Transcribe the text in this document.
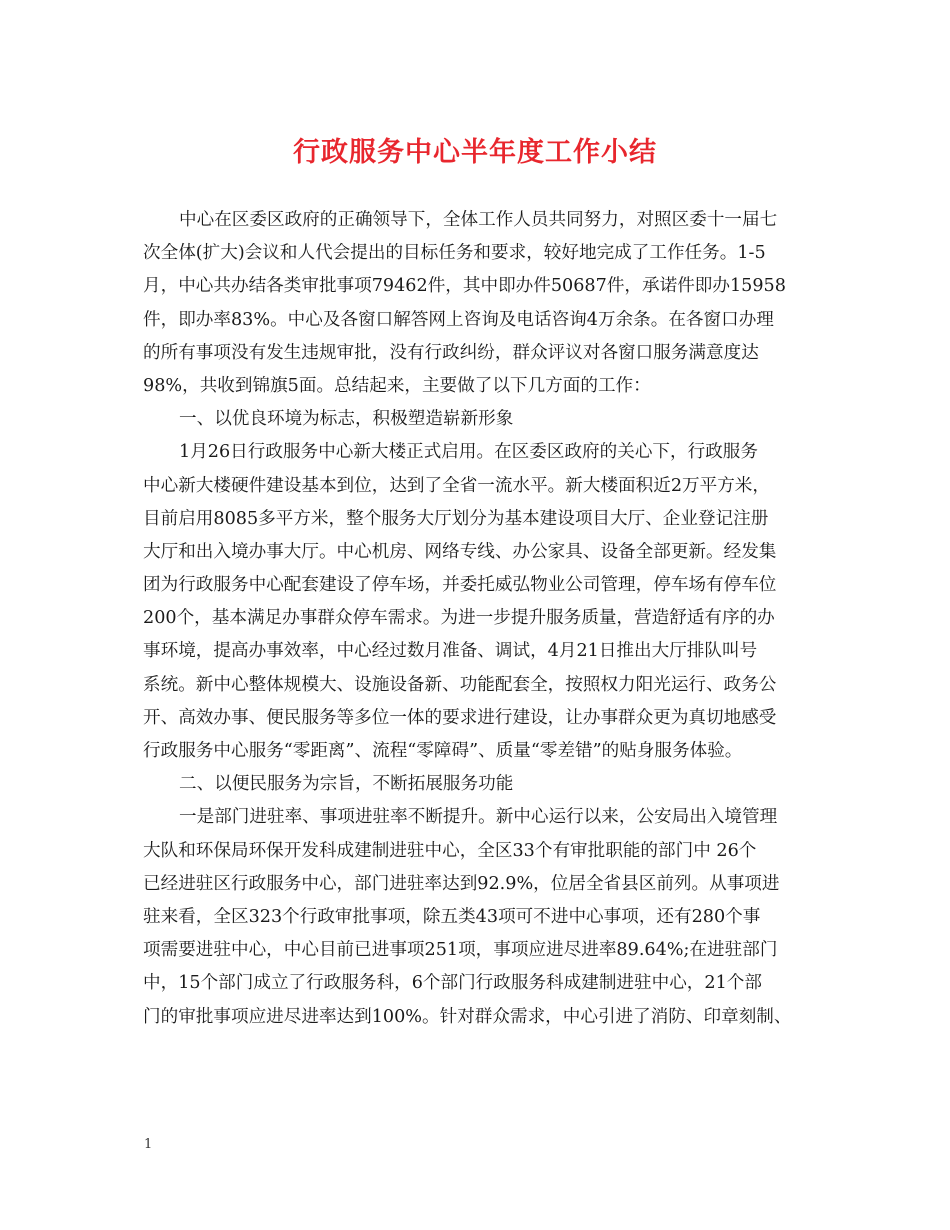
行政服务中心半年度工作小结
中心在区委区政府的正确领导下，全体工作人员共同努力，对照区委十一届七
次全体(扩大)会议和人代会提出的目标任务和要求，较好地完成了工作任务。1-5
月，中心共办结各类审批事项79462件，其中即办件50687件，承诺件即办15958
件，即办率83%。中心及各窗口解答网上咨询及电话咨询4万余条。在各窗口办理
的所有事项没有发生违规审批，没有行政纠纷，群众评议对各窗口服务满意度达
98%，共收到锦旗5面。总结起来，主要做了以下几方面的工作：
一、以优良环境为标志，积极塑造崭新形象
1月26日行政服务中心新大楼正式启用。在区委区政府的关心下，行政服务
中心新大楼硬件建设基本到位，达到了全省一流水平。新大楼面积近2万平方米，
目前启用8085多平方米，整个服务大厅划分为基本建设项目大厅、企业登记注册
大厅和出入境办事大厅。中心机房、网络专线、办公家具、设备全部更新。经发集
团为行政服务中心配套建设了停车场，并委托威弘物业公司管理，停车场有停车位
200个，基本满足办事群众停车需求。为进一步提升服务质量，营造舒适有序的办
事环境，提高办事效率，中心经过数月准备、调试，4月21日推出大厅排队叫号
系统。新中心整体规模大、设施设备新、功能配套全，按照权力阳光运行、政务公
开、高效办事、便民服务等多位一体的要求进行建设，让办事群众更为真切地感受
行政服务中心服务“零距离”、流程“零障碍”、质量“零差错”的贴身服务体验。
二、以便民服务为宗旨，不断拓展服务功能
一是部门进驻率、事项进驻率不断提升。新中心运行以来，公安局出入境管理
大队和环保局环保开发科成建制进驻中心，全区33个有审批职能的部门中 26个
已经进驻区行政服务中心，部门进驻率达到92.9%，位居全省县区前列。从事项进
驻来看，全区323个行政审批事项，除五类43项可不进中心事项，还有280个事
项需要进驻中心，中心目前已进事项251项，事项应进尽进率89.64%;在进驻部门
中，15个部门成立了行政服务科，6个部门行政服务科成建制进驻中心，21个部
门的审批事项应进尽进率达到100%。针对群众需求，中心引进了消防、印章刻制、
1
